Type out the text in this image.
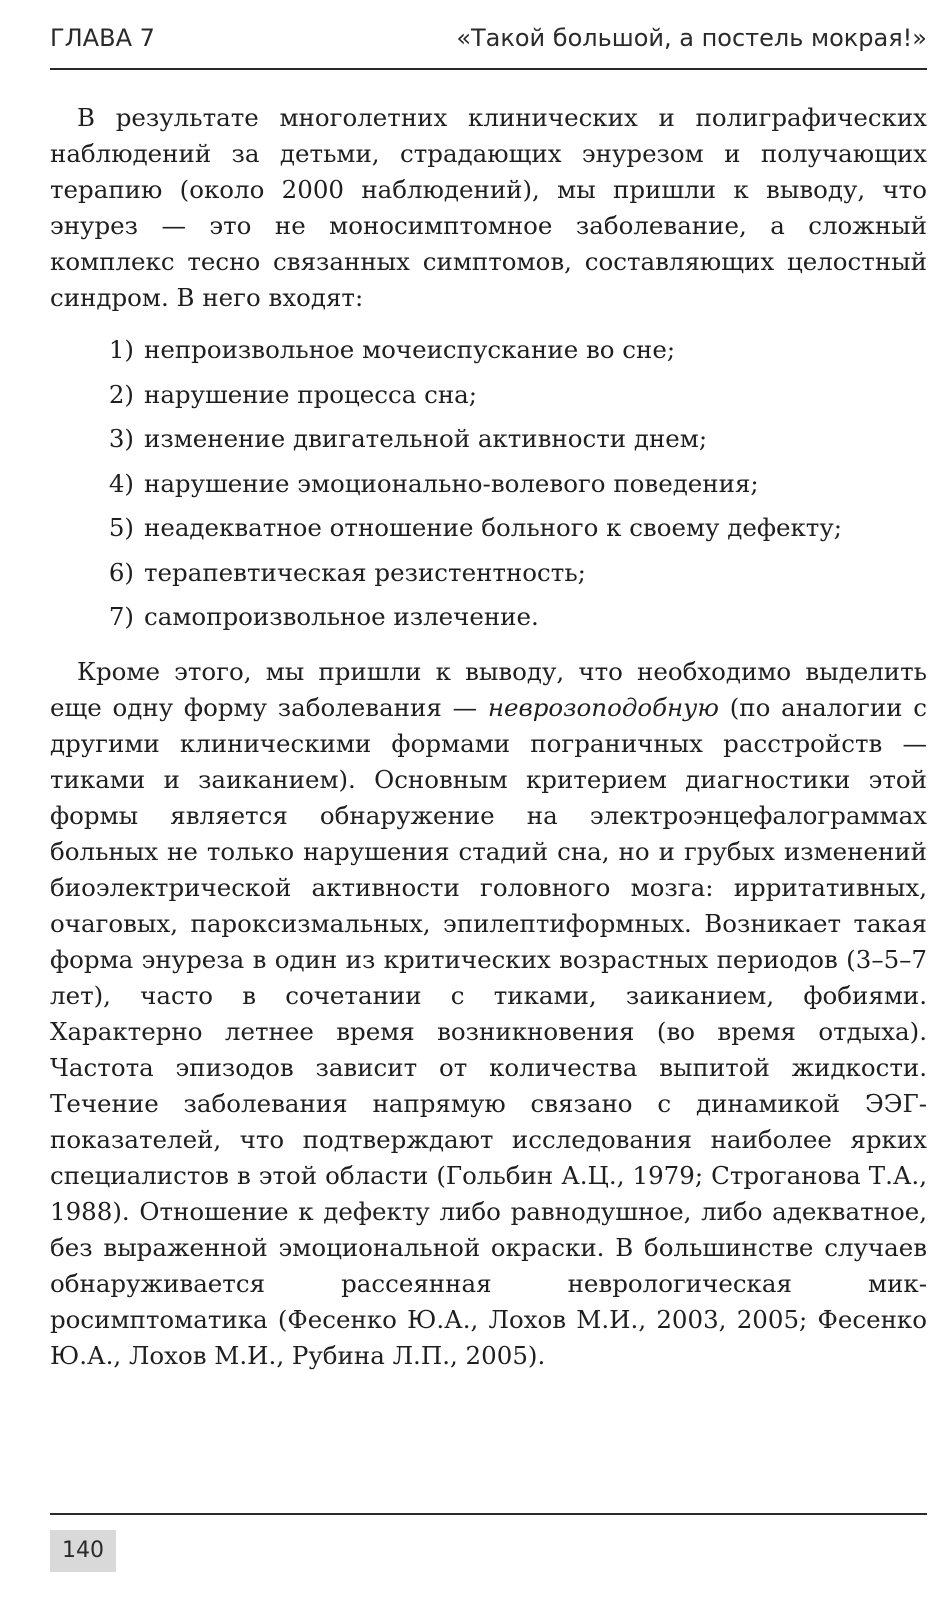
ГЛАВА 7	«Такой большой, а постель мокрая!»

В результате многолетних клинических и полиграфических наблюдений за детьми, страдающих энурезом и получающих терапию (около 2000 наблюдений), мы пришли к выводу, что энурез — это не моносимптомное заболевание, а сложный комплекс тесно связанных симптомов, составляющих целостный синдром. В него входят:

1) непроизвольное мочеиспускание во сне;
2) нарушение процесса сна;
3) изменение двигательной активности днем;
4) нарушение эмоционально-волевого поведения;
5) неадекватное отношение больного к своему дефекту;
6) терапевтическая резистентность;
7) самопроизвольное излечение.

Кроме этого, мы пришли к выводу, что необходимо выделить еще одну форму заболевания — неврозоподобную (по аналогии с другими клиническими формами пограничных расстройств — тиками и заиканием). Основным критерием диагностики этой формы является обнаружение на электроэнцефалограммах больных не только нарушения стадий сна, но и грубых изменений биоэлектрической активности головного мозга: ирритативных, очаговых, пароксизмальных, эпилептиформных. Возникает такая форма энуреза в один из критических возрастных периодов (3–5–7 лет), часто в сочетании с тиками, заиканием, фобиями. Характерно летнее время возникновения (во время отдыха). Частота эпизодов зависит от количества выпитой жидкости. Течение заболевания напрямую связано с динамикой ЭЭГ-показателей, что подтверждают исследования наиболее ярких специалистов в этой области (Гольбин А.Ц., 1979; Строганова Т.А., 1988). Отношение к дефекту либо равнодушное, либо адекватное, без выраженной эмоциональной окраски. В большинстве случаев обнаруживается рассеянная неврологическая микросимптоматика (Фесенко Ю.А., Лохов М.И., 2003, 2005; Фесенко Ю.А., Лохов М.И., Рубина Л.П., 2005).

140
